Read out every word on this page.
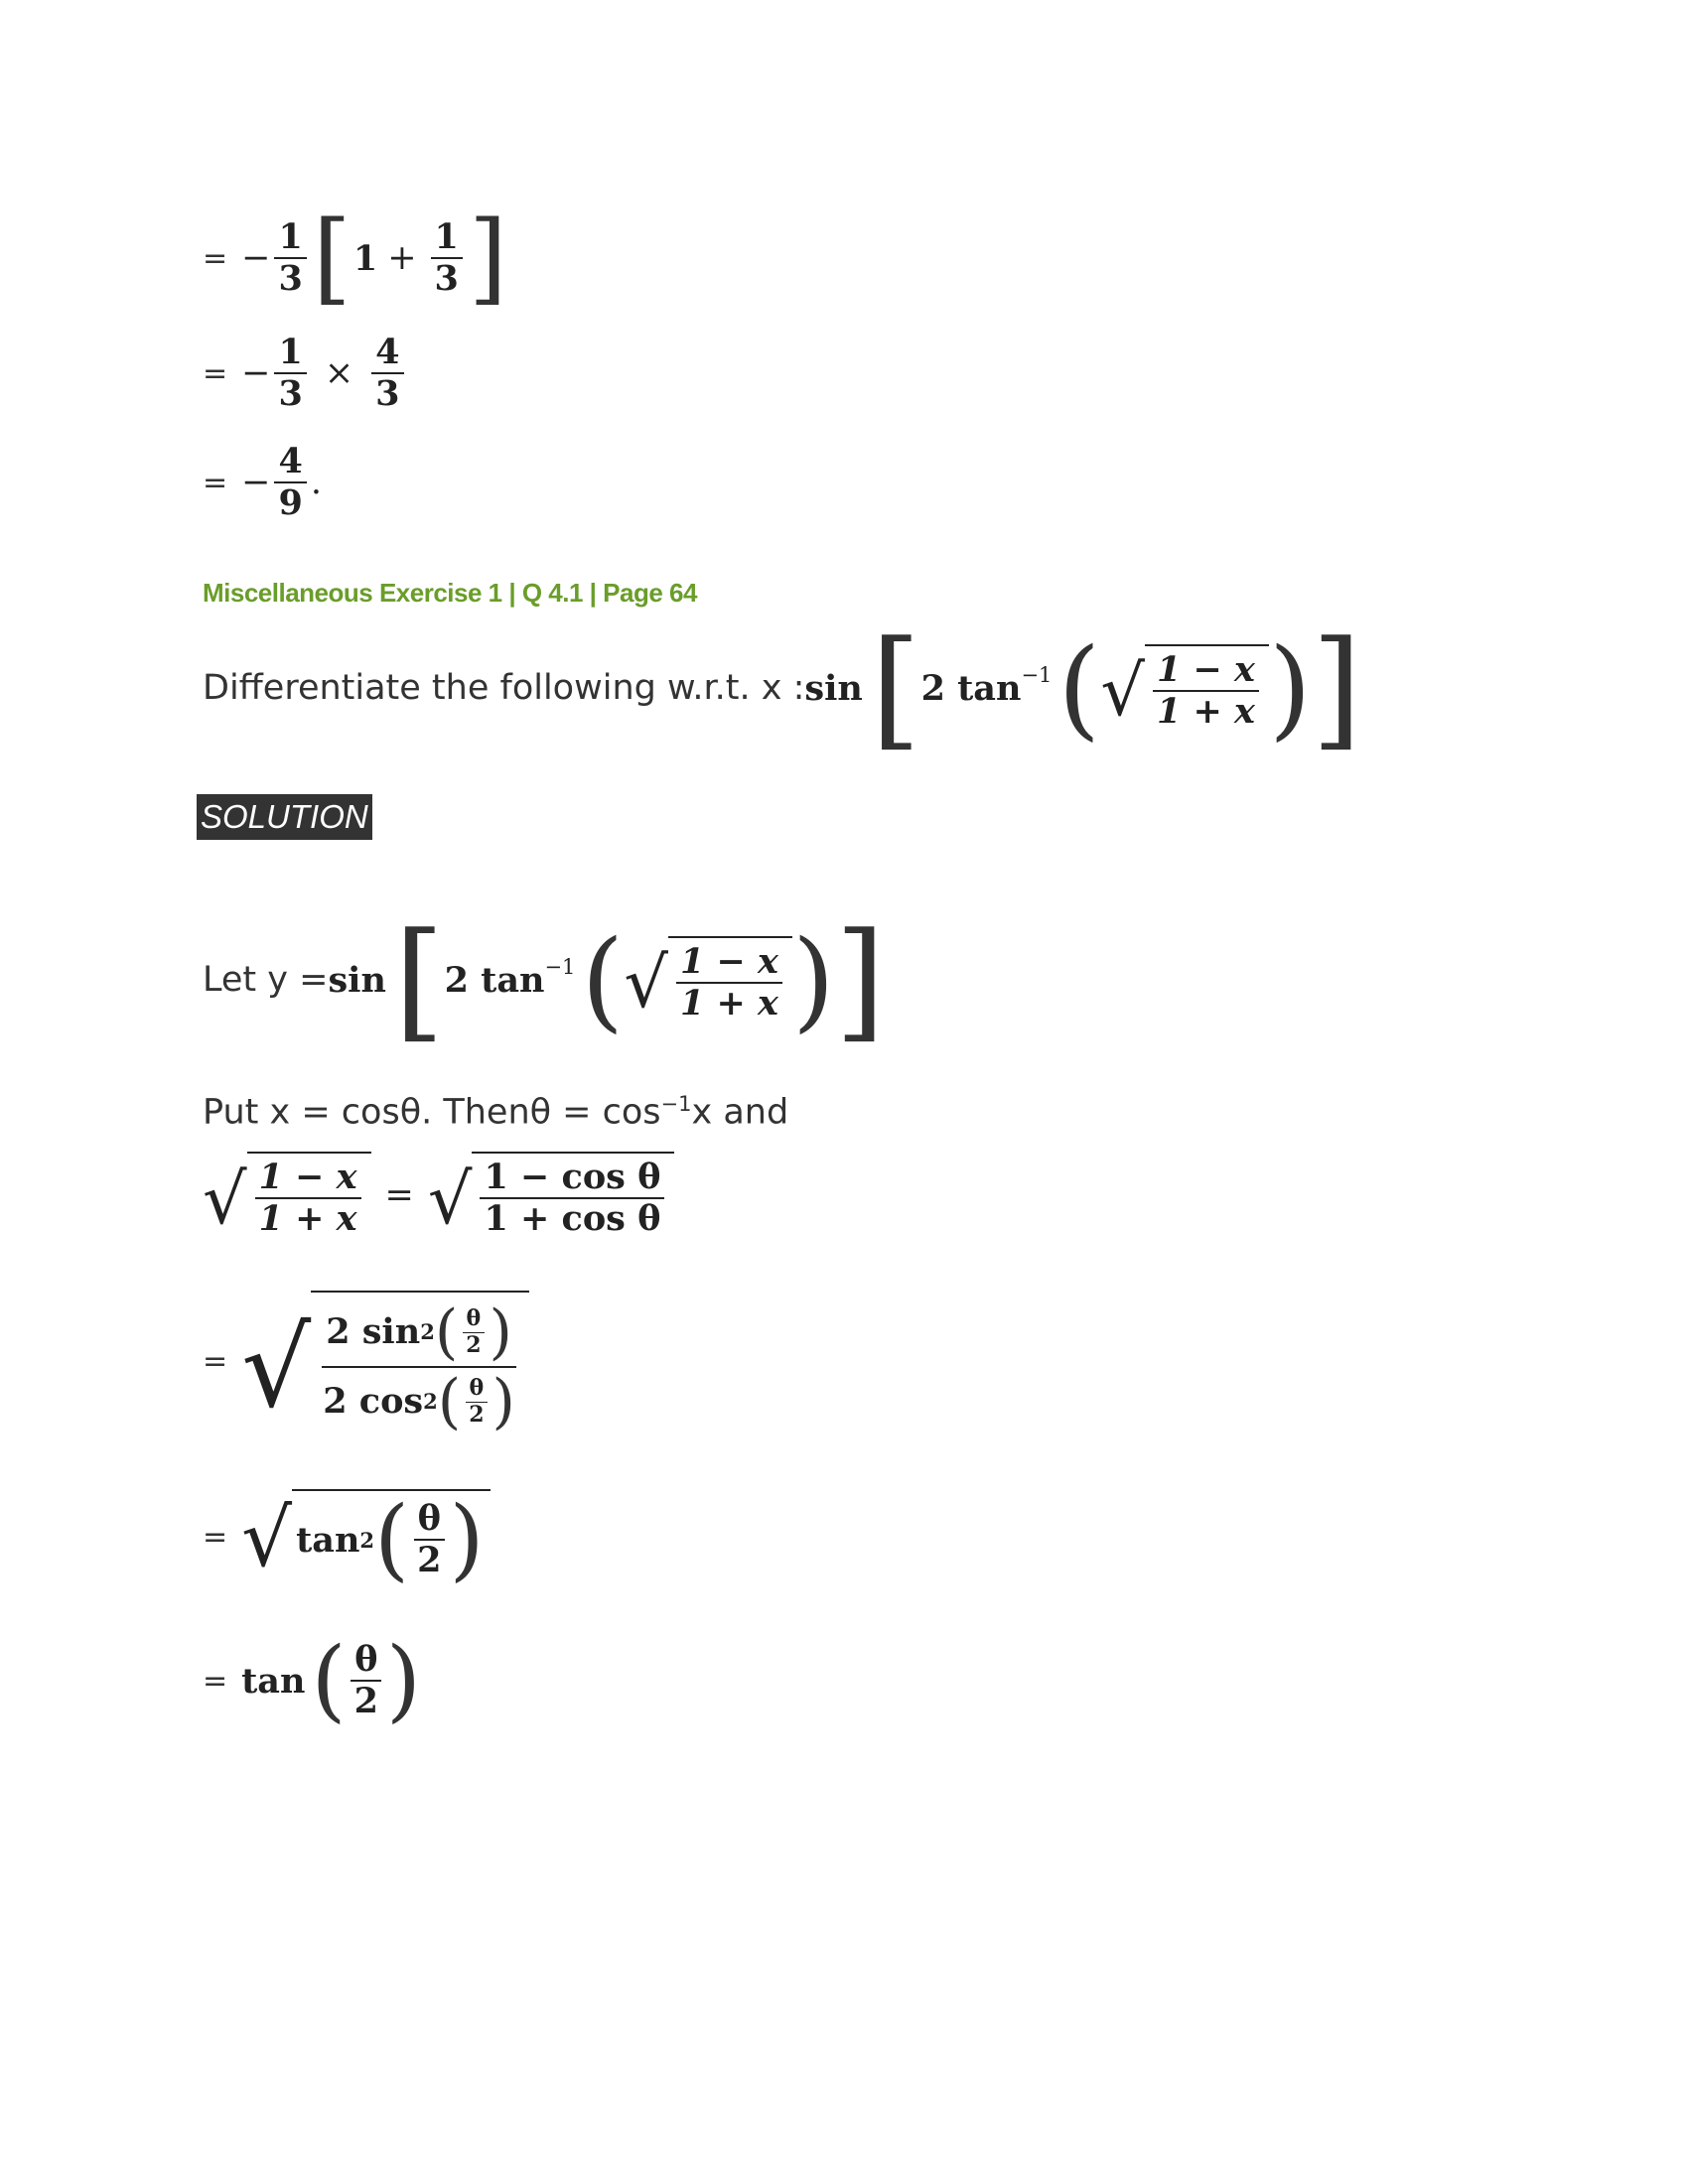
= − $\frac{1}{3}$ [ $1 + \frac{1}{3}$ ]
= − $\frac{1}{3} \times \frac{4}{3}$
= − $\frac{4}{9}$ .
Miscellaneous Exercise 1 | Q 4.1 | Page 64
Differentiate the following w.r.t. x : sin [ 2 $\tan^{-1}$ ( √ $\frac{1 - x}{1 + x}$ ) ]
SOLUTION
Let y = sin [ 2 $\tan^{-1}$ ( √ $\frac{1 - x}{1 + x}$ ) ]
Put x = cosθ. Thenθ = $\cos^{-1}x$ and
√ $\frac{1 - x}{1 + x}$ = √ $\frac{\text{1 − cos θ}}{\text{1 + cos θ}}$
= √ $\frac{2 \sin 2 ( \frac{\theta}{2} )}{2 \cos 2 ( \frac{\theta}{2} )}$
= √ tan 2 ( $\frac{\theta}{2}$ )
= tan ( $\frac{\theta}{2}$ )
